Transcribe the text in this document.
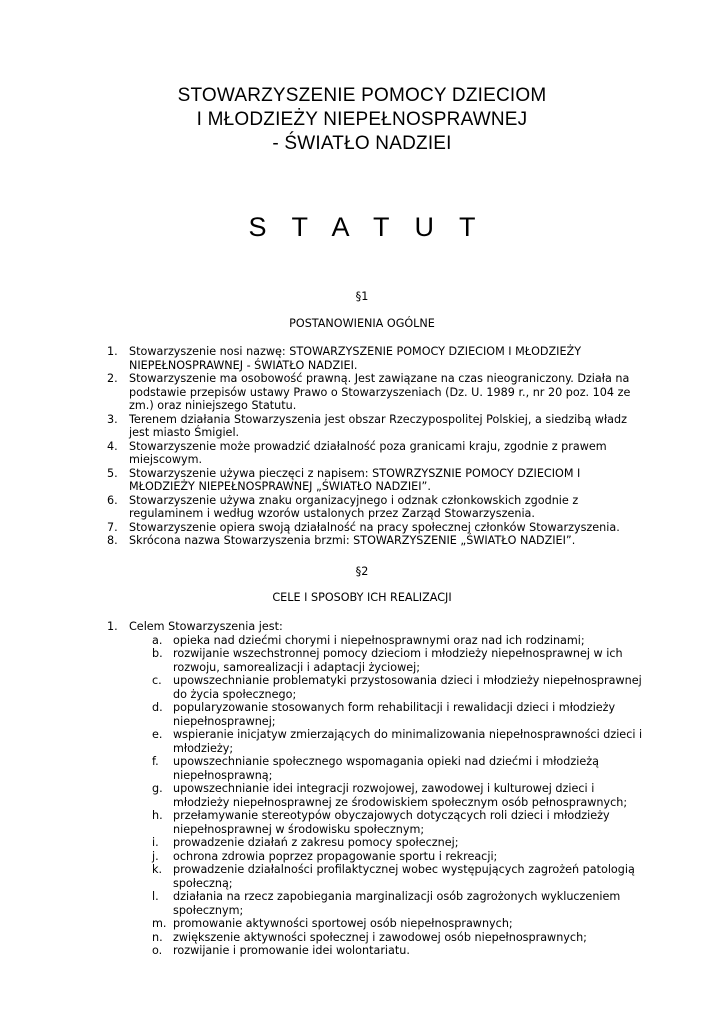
STOWARZYSZENIE POMOCY DZIECIOM
I MŁODZIEŻY NIEPEŁNOSPRAWNEJ
- ŚWIATŁO NADZIEI
S T A T U T
§1
POSTANOWIENIA OGÓLNE
1.	Stowarzyszenie nosi nazwę: STOWARZYSZENIE POMOCY DZIECIOM I MŁODZIEŻY
NIEPEŁNOSPRAWNEJ - ŚWIATŁO NADZIEI.
2.	Stowarzyszenie ma osobowość prawną. Jest zawiązane na czas nieograniczony. Działa na
podstawie przepisów ustawy Prawo o Stowarzyszeniach (Dz. U. 1989 r., nr 20 poz. 104 ze
zm.) oraz niniejszego Statutu.
3.	Terenem działania Stowarzyszenia jest obszar Rzeczypospolitej Polskiej, a siedzibą władz
jest miasto Śmigiel.
4.	Stowarzyszenie może prowadzić działalność poza granicami kraju, zgodnie z prawem
miejscowym.
5.	Stowarzyszenie używa pieczęci z napisem: STOWRZYSZNIE POMOCY DZIECIOM I
MŁODZIEŻY NIEPEŁNOSPRAWNEJ „ŚWIATŁO NADZIEI”.
6.	Stowarzyszenie używa znaku organizacyjnego i odznak członkowskich zgodnie z
regulaminem i według wzorów ustalonych przez Zarząd Stowarzyszenia.
7.	Stowarzyszenie opiera swoją działalność na pracy społecznej członków Stowarzyszenia.
8.	Skrócona nazwa Stowarzyszenia brzmi: STOWARZYSZENIE „ŚWIATŁO NADZIEI”.
§2
CELE I SPOSOBY ICH REALIZACJI
1.	Celem Stowarzyszenia jest:
a. opieka nad dziećmi chorymi i niepełnosprawnymi oraz nad ich rodzinami;
b. rozwijanie wszechstronnej pomocy dzieciom i młodzieży niepełnosprawnej w ich
rozwoju, samorealizacji i adaptacji życiowej;
c.	upowszechnianie problematyki przystosowania dzieci i młodzieży niepełnosprawnej
do życia społecznego;
d. popularyzowanie stosowanych form rehabilitacji i rewalidacji dzieci i młodzieży
niepełnosprawnej;
e. wspieranie inicjatyw zmierzających do minimalizowania niepełnosprawności dzieci i
młodzieży;
f.	upowszechnianie społecznego wspomagania opieki nad dziećmi i młodzieżą
niepełnosprawną;
g. upowszechnianie idei integracji rozwojowej, zawodowej i kulturowej dzieci i
młodzieży niepełnosprawnej ze środowiskiem społecznym osób pełnosprawnych;
h. przełamywanie stereotypów obyczajowych dotyczących roli dzieci i młodzieży
niepełnosprawnej w środowisku społecznym;
i.	prowadzenie działań z zakresu pomocy społecznej;
j.	ochrona zdrowia poprzez propagowanie sportu i rekreacji;
k. prowadzenie działalności profilaktycznej wobec występujących zagrożeń patologią
społeczną;
l.	działania na rzecz zapobiegania marginalizacji osób zagrożonych wykluczeniem
społecznym;
m. promowanie aktywności sportowej osób niepełnosprawnych;
n. zwiększenie aktywności społecznej i zawodowej osób niepełnosprawnych;
o. rozwijanie i promowanie idei wolontariatu.
